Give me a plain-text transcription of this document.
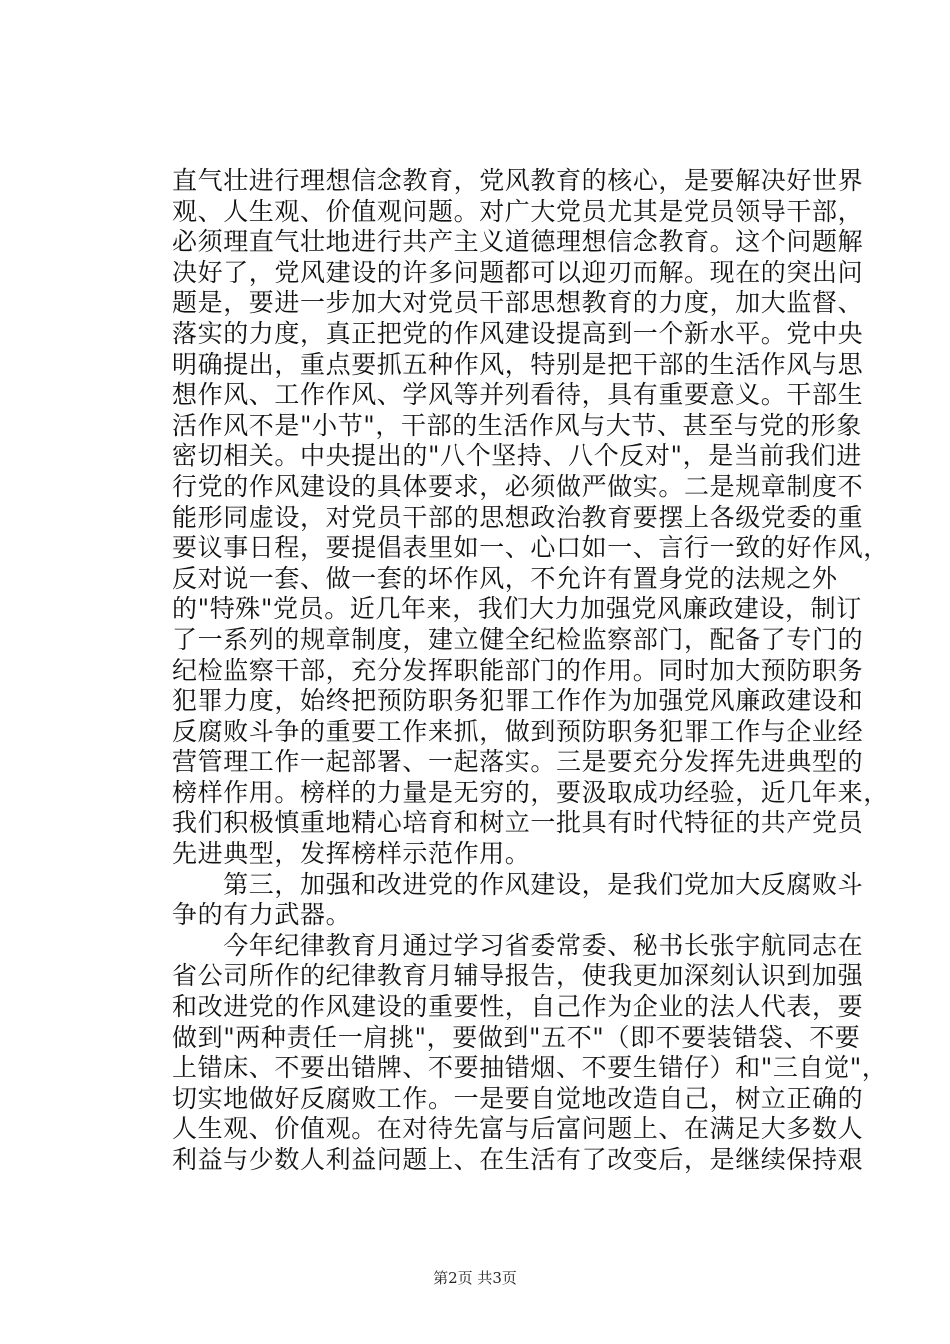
直气壮进行理想信念教育，党风教育的核心，是要解决好世界
观、人生观、价值观问题。对广大党员尤其是党员领导干部，
必须理直气壮地进行共产主义道德理想信念教育。这个问题解
决好了，党风建设的许多问题都可以迎刃而解。现在的突出问
题是，要进一步加大对党员干部思想教育的力度，加大监督、
落实的力度，真正把党的作风建设提高到一个新水平。党中央
明确提出，重点要抓五种作风，特别是把干部的生活作风与思
想作风、工作作风、学风等并列看待，具有重要意义。干部生
活作风不是"小节"，干部的生活作风与大节、甚至与党的形象
密切相关。中央提出的"八个坚持、八个反对"，是当前我们进
行党的作风建设的具体要求，必须做严做实。二是规章制度不
能形同虚设，对党员干部的思想政治教育要摆上各级党委的重
要议事日程，要提倡表里如一、心口如一、言行一致的好作风，
反对说一套、做一套的坏作风，不允许有置身党的法规之外
的"特殊"党员。近几年来，我们大力加强党风廉政建设，制订
了一系列的规章制度，建立健全纪检监察部门，配备了专门的
纪检监察干部，充分发挥职能部门的作用。同时加大预防职务
犯罪力度，始终把预防职务犯罪工作作为加强党风廉政建设和
反腐败斗争的重要工作来抓，做到预防职务犯罪工作与企业经
营管理工作一起部署、一起落实。三是要充分发挥先进典型的
榜样作用。榜样的力量是无穷的，要汲取成功经验，近几年来，
我们积极慎重地精心培育和树立一批具有时代特征的共产党员
先进典型，发挥榜样示范作用。
　　第三，加强和改进党的作风建设，是我们党加大反腐败斗
争的有力武器。
　　今年纪律教育月通过学习省委常委、秘书长张宇航同志在
省公司所作的纪律教育月辅导报告，使我更加深刻认识到加强
和改进党的作风建设的重要性，自己作为企业的法人代表，要
做到"两种责任一肩挑"，要做到"五不"（即不要装错袋、不要
上错床、不要出错牌、不要抽错烟、不要生错仔）和"三自觉"，
切实地做好反腐败工作。一是要自觉地改造自己，树立正确的
人生观、价值观。在对待先富与后富问题上、在满足大多数人
利益与少数人利益问题上、在生活有了改变后，是继续保持艰
第2页 共3页
